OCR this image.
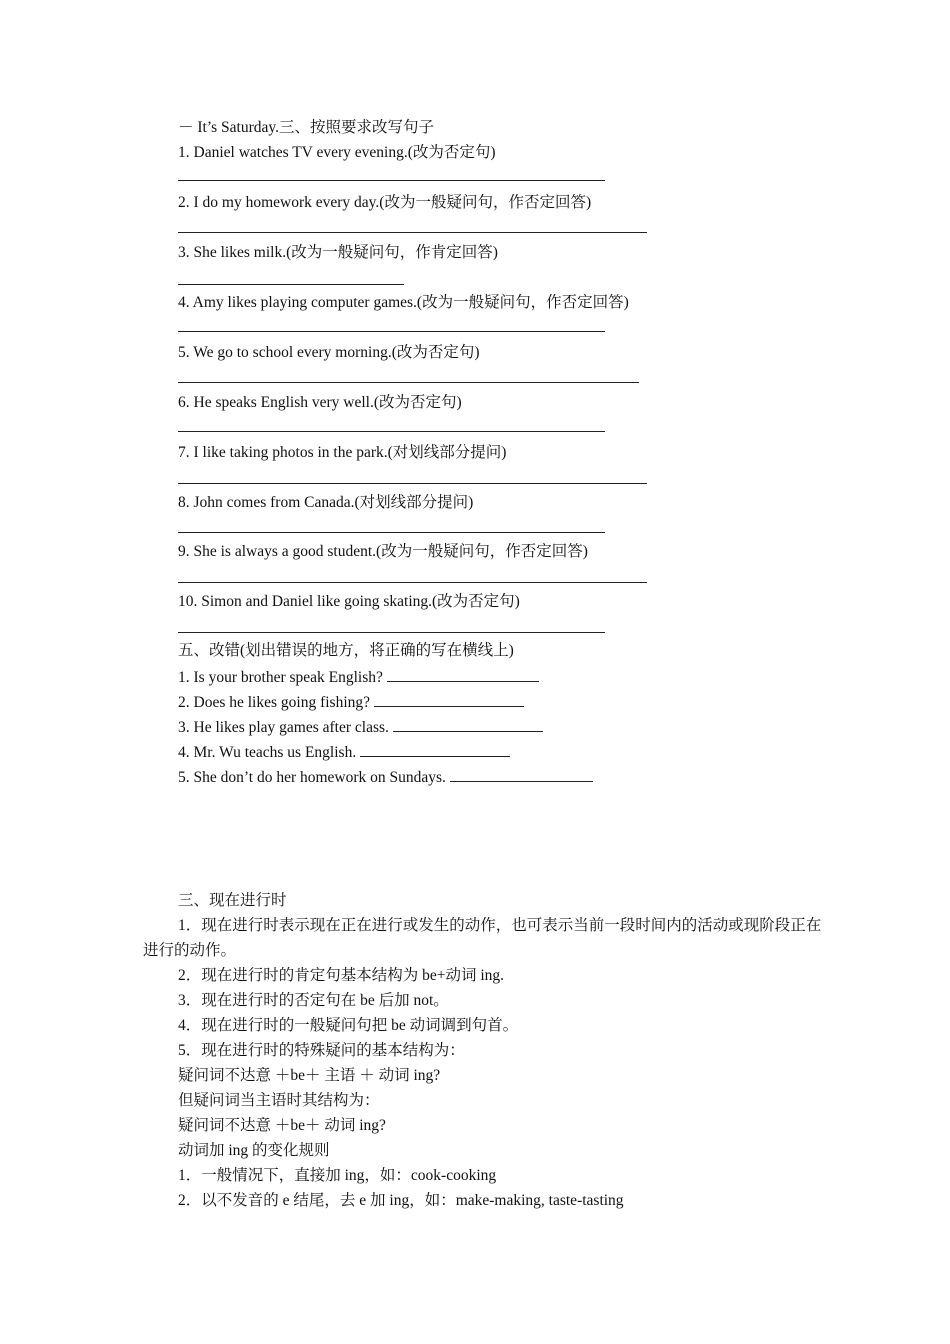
－ It’s Saturday.三、按照要求改写句子
1. Daniel watches TV every evening.(改为否定句)
2. I do my homework every day.(改为一般疑问句，作否定回答)
3. She likes milk.(改为一般疑问句，作肯定回答)
4. Amy likes playing computer games.(改为一般疑问句，作否定回答)
5. We go to school every morning.(改为否定句)
6. He speaks English very well.(改为否定句)
7. I like taking photos in the park.(对划线部分提问)
8. John comes from Canada.(对划线部分提问)
9. She is always a good student.(改为一般疑问句，作否定回答)
10. Simon and Daniel like going skating.(改为否定句)
五、改错(划出错误的地方，将正确的写在横线上)
1. Is your brother speak English?
2. Does he likes going fishing?
3. He likes play games after class.
4. Mr. Wu teachs us English.
5. She don’t do her homework on Sundays.
三、现在进行时
1．现在进行时表示现在正在进行或发生的动作，也可表示当前一段时间内的活动或现阶段正在进行的动作。
2．现在进行时的肯定句基本结构为 be+动词 ing.
3．现在进行时的否定句在 be 后加 not。
4．现在进行时的一般疑问句把 be 动词调到句首。
5．现在进行时的特殊疑问的基本结构为：
疑问词不达意 ＋be＋ 主语 ＋ 动词 ing?
但疑问词当主语时其结构为：
疑问词不达意 ＋be＋ 动词 ing?
动词加 ing 的变化规则
1．一般情况下，直接加 ing，如：cook-cooking
2．以不发音的 e 结尾，去 e 加 ing，如：make-making, taste-tasting
